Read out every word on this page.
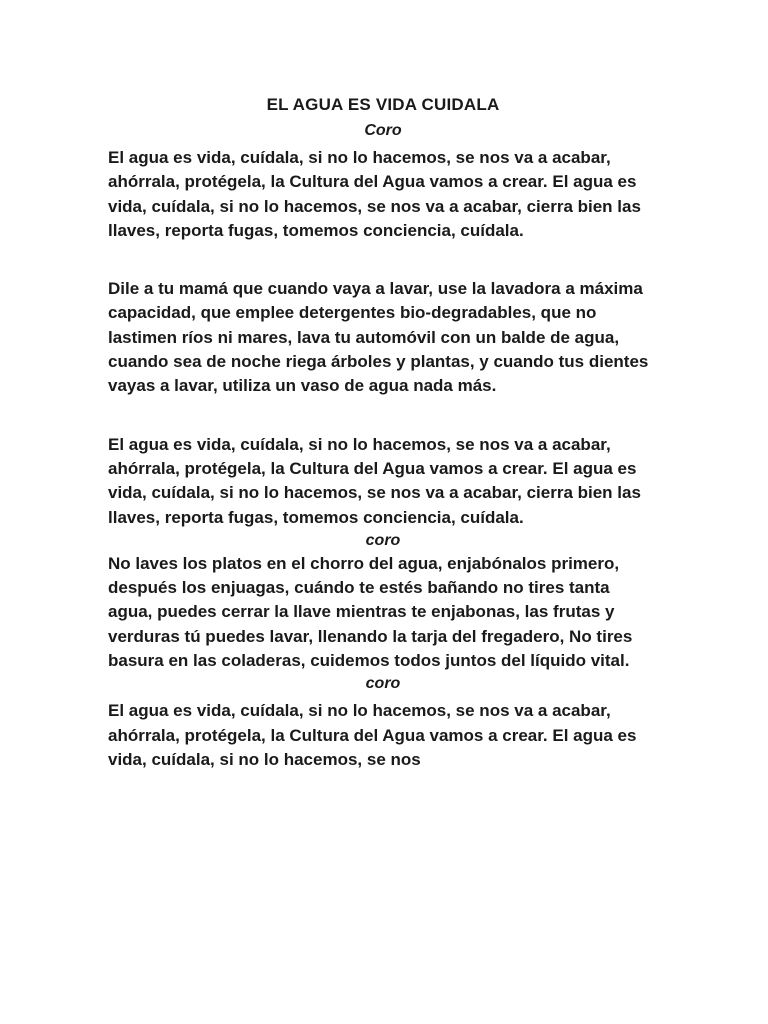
EL AGUA ES VIDA CUIDALA

Coro

El agua es vida, cuídala, si no lo hacemos, se nos va a acabar, ahórrala, protégela, la Cultura del Agua vamos a crear. El agua es vida, cuídala, si no lo hacemos, se nos va a acabar, cierra bien las llaves, reporta fugas, tomemos conciencia, cuídala.

Dile a tu mamá que cuando vaya a lavar, use la lavadora a máxima capacidad, que emplee detergentes bio-degradables, que no lastimen ríos ni mares, lava tu automóvil con un balde de agua, cuando sea de noche riega árboles y plantas, y cuando tus dientes vayas a lavar, utiliza un vaso de agua nada más.

El agua es vida, cuídala, si no lo hacemos, se nos va a acabar, ahórrala, protégela, la Cultura del Agua vamos a crear. El agua es vida, cuídala, si no lo hacemos, se nos va a acabar, cierra bien las llaves, reporta fugas, tomemos conciencia, cuídala.

coro

No laves los platos en el chorro del agua, enjabónalos primero, después los enjuagas, cuándo te estés bañando no tires tanta agua, puedes cerrar la llave mientras te enjabonas, las frutas y verduras tú puedes lavar, llenando la tarja del fregadero, No tires basura en las coladeras, cuidemos todos juntos del líquido vital.

coro

El agua es vida, cuídala, si no lo hacemos, se nos va a acabar, ahórrala, protégela, la Cultura del Agua vamos a crear. El agua es vida, cuídala, si no lo hacemos, se nos
